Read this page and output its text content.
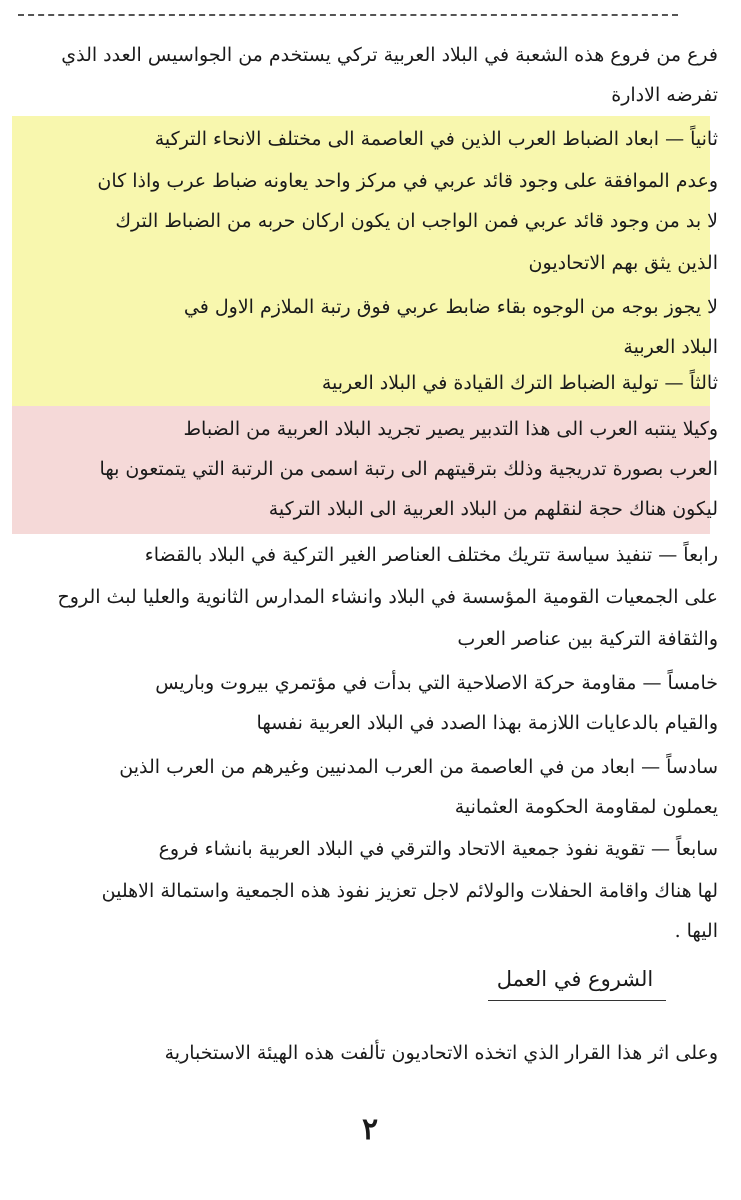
فرع من فروع هذه الشعبة في البلاد العربية تركي يستخدم من الجواسيس العدد الذي
تفرضه الادارة
ثانياً — ابعاد الضباط العرب الذين في العاصمة الى مختلف الانحاء التركية
وعدم الموافقة على وجود قائد عربي في مركز واحد يعاونه ضباط عرب واذا كان
لا بد من وجود قائد عربي فمن الواجب ان يكون اركان حربه من الضباط الترك
الذين يثق بهم الاتحاديون
لا يجوز بوجه من الوجوه بقاء ضابط عربي فوق رتبة الملازم الاول في
البلاد العربية
ثالثاً — تولية الضباط الترك القيادة في البلاد العربية
وكيلا ينتبه العرب الى هذا التدبير يصير تجريد البلاد العربية من الضباط
العرب بصورة تدريجية وذلك بترقيتهم الى رتبة اسمى من الرتبة التي يتمتعون بها
ليكون هناك حجة لنقلهم من البلاد العربية الى البلاد التركية
رابعاً — تنفيذ سياسة تتريك مختلف العناصر الغير التركية في البلاد بالقضاء
على الجمعيات القومية المؤسسة في البلاد وانشاء المدارس الثانوية والعليا لبث الروح
والثقافة التركية بين عناصر العرب
خامساً — مقاومة حركة الاصلاحية التي بدأت في مؤتمري بيروت وباريس
والقيام بالدعايات اللازمة بهذا الصدد في البلاد العربية نفسها
سادساً — ابعاد من في العاصمة من العرب المدنيين وغيرهم من العرب الذين
يعملون لمقاومة الحكومة العثمانية
سابعاً — تقوية نفوذ جمعية الاتحاد والترقي في البلاد العربية بانشاء فروع
لها هناك واقامة الحفلات والولائم لاجل تعزيز نفوذ هذه الجمعية واستمالة الاهلين
اليها .
الشروع في العمل
وعلى اثر هذا القرار الذي اتخذه الاتحاديون تألفت هذه الهيئة الاستخبارية
٢
